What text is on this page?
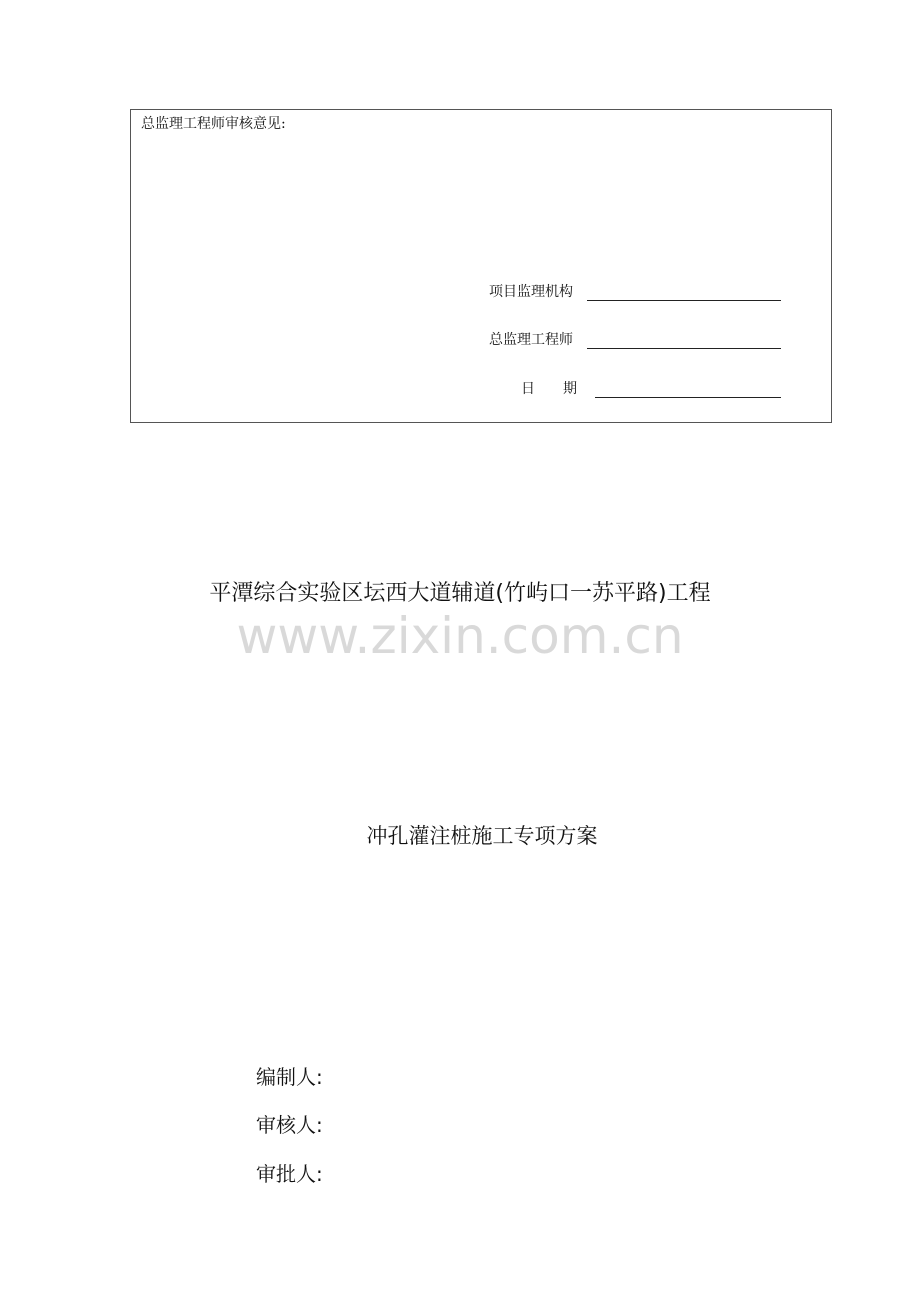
总监理工程师审核意见:
项目监理机构
总监理工程师
日　　期
平潭综合实验区坛西大道辅道(竹屿口一苏平路)工程
www.zixin.com.cn
冲孔灌注桩施工专项方案
编制人:
审核人:
审批人:
